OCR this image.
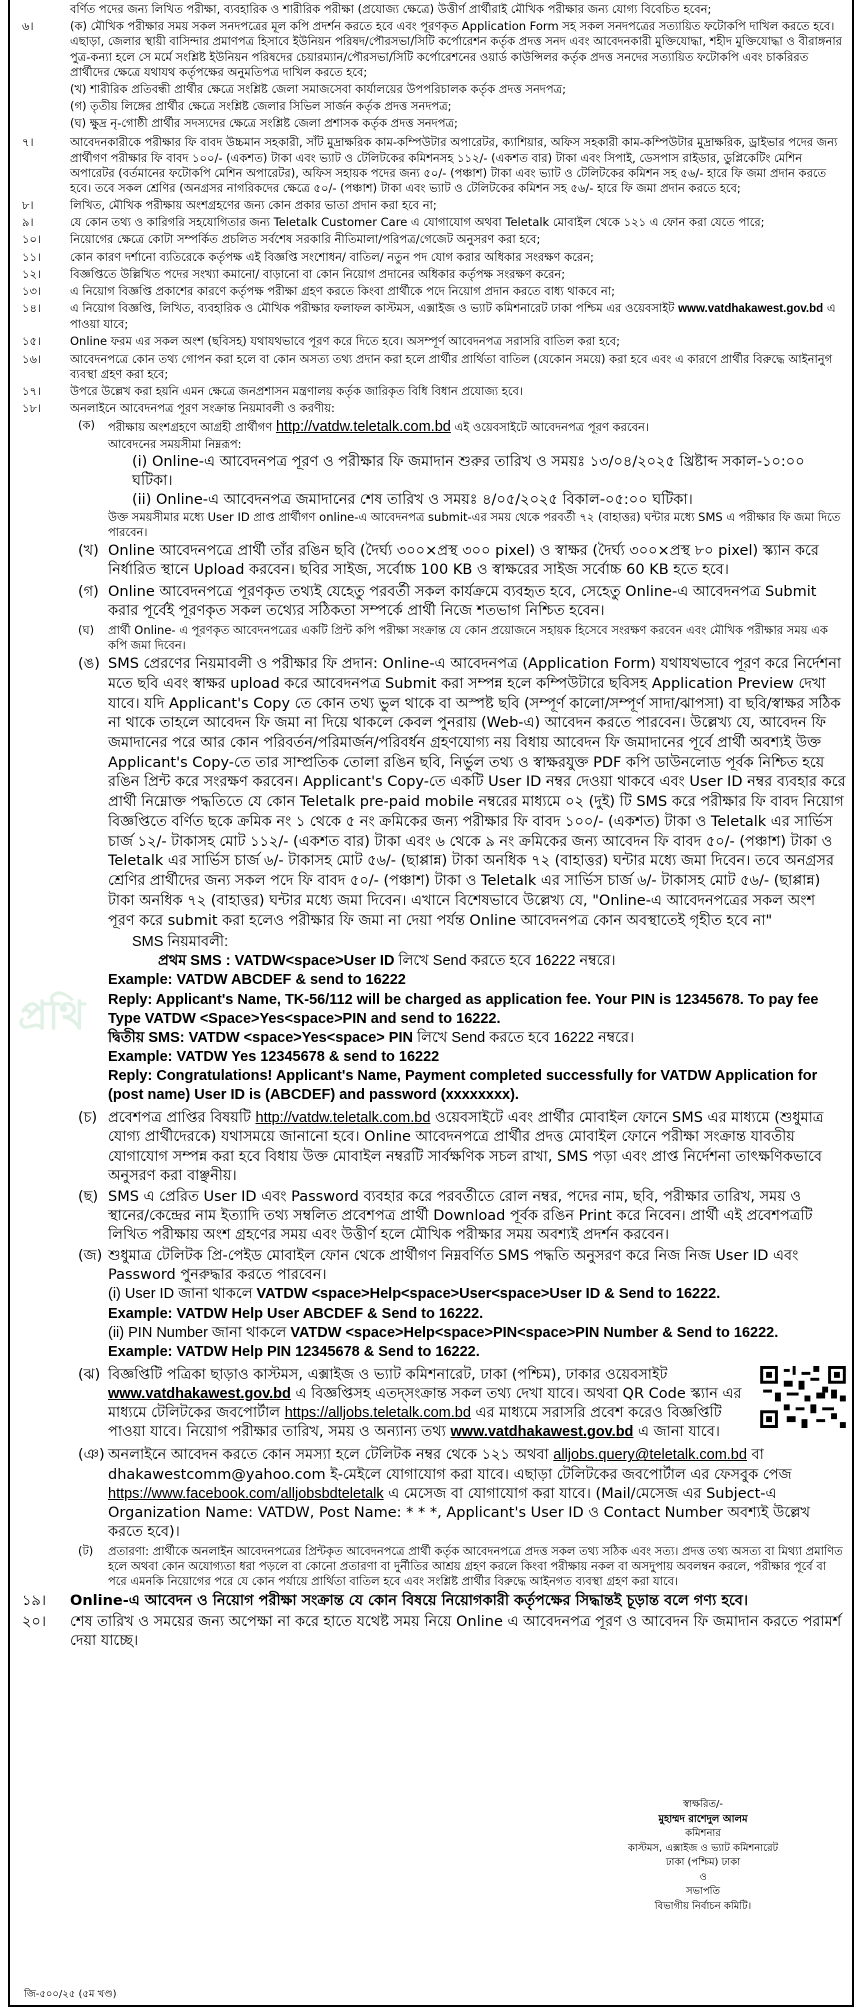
প্রথি
বর্ণিত পদের জন্য লিখিত পরীক্ষা, ব্যবহারিক ও শারীরিক পরীক্ষা (প্রযোজ্য ক্ষেত্রে) উত্তীর্ণ প্রার্থীরাই মৌখিক পরীক্ষার জন্য যোগ্য বিবেচিত হবেন;
৬।	(ক) মৌখিক পরীক্ষার সময় সকল সনদপত্রের মূল কপি প্রদর্শন করতে হবে এবং পূরণকৃত Application Form সহ সকল সনদপত্রের সত্যায়িত ফটোকপি দাখিল করতে হবে। এছাড়া, জেলার স্থায়ী বাসিন্দার প্রমাণপত্র হিসাবে ইউনিয়ন পরিষদ/পৌরসভা/সিটি কর্পোরেশন কর্তৃক প্রদত্ত সনদ এবং আবেদনকারী মুক্তিযোদ্ধা, শহীদ মুক্তিযোদ্ধা ও বীরাঙ্গনার পুত্র-কন্যা হলে সে মর্মে সংশ্লিষ্ট ইউনিয়ন পরিষদের চেয়ারম্যান/পৌরসভা/সিটি কর্পোরেশনের ওয়ার্ড কাউন্সিলর কর্তৃক প্রদত্ত সনদের সত্যায়িত ফটোকপি এবং চাকরিরত প্রার্থীদের ক্ষেত্রে যথাযথ কর্তৃপক্ষের অনুমতিপত্র দাখিল করতে হবে;
(খ) শারীরিক প্রতিবন্ধী প্রার্থীর ক্ষেত্রে সংশ্লিষ্ট জেলা সমাজসেবা কার্যালয়ের উপপরিচালক কর্তৃক প্রদত্ত সনদপত্র;
(গ) তৃতীয় লিঙ্গের প্রার্থীর ক্ষেত্রে সংশ্লিষ্ট জেলার সিভিল সার্জন কর্তৃক প্রদত্ত সনদপত্র;
(ঘ) ক্ষুদ্র নৃ-গোষ্ঠী প্রার্থীর সদস্যদের ক্ষেত্রে সংশ্লিষ্ট জেলা প্রশাসক কর্তৃক প্রদত্ত সনদপত্র;
৭।	আবেদনকারীকে পরীক্ষার ফি বাবদ উচ্চমান সহকারী, সাঁট মুদ্রাক্ষরিক কাম-কম্পিউটার অপারেটর, ক্যাশিয়ার, অফিস সহকারী কাম-কম্পিউটার মুদ্রাক্ষরিক, ড্রাইভার পদের জন্য প্রার্থীগণ পরীক্ষার ফি বাবদ ১০০/- (একশত) টাকা এবং ভ্যাট ও টেলিটকের কমিশনসহ ১১২/- (একশত বার) টাকা এবং সিপাই, ডেসপাস রাইডার, ডুপ্লিকেটিং মেশিন অপারেটর (বর্তমানের ফটোকপি মেশিন অপারেটর), অফিস সহায়ক পদের জন্য ৫০/- (পঞ্চাশ) টাকা এবং ভ্যাট ও টেলিটকের কমিশন সহ ৫৬/- হারে ফি জমা প্রদান করতে হবে। তবে সকল শ্রেণির (অনগ্রসর নাগরিকদের ক্ষেত্রে ৫০/- (পঞ্চাশ) টাকা এবং ভ্যাট ও টেলিটকের কমিশন সহ ৫৬/- হারে ফি জমা প্রদান করতে হবে;
৮।	লিখিত, মৌখিক পরীক্ষায় অংশগ্রহণের জন্য কোন প্রকার ভাতা প্রদান করা হবে না;
৯।	যে কোন তথ্য ও কারিগরি সহযোগিতার জন্য Teletalk Customer Care এ যোগাযোগ অথবা Teletalk মোবাইল থেকে ১২১ এ ফোন করা যেতে পারে;
১০।	নিয়োগের ক্ষেত্রে কোটা সম্পর্কিত প্রচলিত সর্বশেষ সরকারি নীতিমালা/পরিপত্র/গেজেট অনুসরণ করা হবে;
১১।	কোন কারণ দর্শানো ব্যতিরেকে কর্তৃপক্ষ এই বিজ্ঞপ্তি সংশোধন/ বাতিল/ নতুন পদ যোগ করার অধিকার সংরক্ষণ করেন;
১২।	বিজ্ঞপ্তিতে উল্লিখিত পদের সংখ্যা কমানো/ বাড়ানো বা কোন নিয়োগ প্রদানের অধিকার কর্তৃপক্ষ সংরক্ষণ করেন;
১৩।	এ নিয়োগ বিজ্ঞপ্তি প্রকাশের কারণে কর্তৃপক্ষ পরীক্ষা গ্রহণ করতে কিংবা প্রার্থীকে পদে নিয়োগ প্রদান করতে বাধ্য থাকবে না;
১৪।	এ নিয়োগ বিজ্ঞপ্তি, লিখিত, ব্যবহারিক ও মৌখিক পরীক্ষার ফলাফল কাস্টমস, এক্সাইজ ও ভ্যাট কমিশনারেট ঢাকা পশ্চিম এর ওয়েবসাইট www.vatdhakawest.gov.bd এ পাওয়া যাবে;
১৫।	Online ফরম এর সকল অংশ (ছবিসহ) যথাযথভাবে পূরণ করে দিতে হবে। অসম্পূর্ণ আবেদনপত্র সরাসরি বাতিল করা হবে;
১৬।	আবেদনপত্রে কোন তথ্য গোপন করা হলে বা কোন অসত্য তথ্য প্রদান করা হলে প্রার্থীর প্রার্থিতা বাতিল (যেকোন সময়ে) করা হবে এবং এ কারণে প্রার্থীর বিরুদ্ধে আইনানুগ ব্যবস্থা গ্রহণ করা হবে;
১৭।	উপরে উল্লেখ করা হয়নি এমন ক্ষেত্রে জনপ্রশাসন মন্ত্রণালয় কর্তৃক জারিকৃত বিধি বিধান প্রযোজ্য হবে।
১৮।	অনলাইনে আবেদনপত্র পূরণ সংক্রান্ত নিয়মাবলী ও করণীয়:
(ক) পরীক্ষায় অংশগ্রহণে আগ্রহী প্রার্থীগণ http://vatdw.teletalk.com.bd এই ওয়েবসাইটে আবেদনপত্র পূরণ করবেন।
আবেদনের সময়সীমা নিম্নরূপ:
(i) Online-এ আবেদনপত্র পূরণ ও পরীক্ষার ফি জমাদান শুরুর তারিখ ও সময়ঃ ১৩/০৪/২০২৫ খ্রিষ্টাব্দ সকাল-১০:০০ ঘটিকা।
(ii) Online-এ আবেদনপত্র জমাদানের শেষ তারিখ ও সময়ঃ ৪/০৫/২০২৫ বিকাল-০৫:০০ ঘটিকা।
উক্ত সময়সীমার মধ্যে User ID প্রাপ্ত প্রার্থীগণ online-এ আবেদনপত্র submit-এর সময় থেকে পরবর্তী ৭২ (বাহাত্তর) ঘন্টার মধ্যে SMS এ পরীক্ষার ফি জমা দিতে পারবেন।
(খ) Online আবেদনপত্রে প্রার্থী তাঁর রঙিন ছবি (দৈর্ঘ্য ৩০০×প্রস্থ ৩০০ pixel) ও স্বাক্ষর (দৈর্ঘ্য ৩০০×প্রস্থ ৮০ pixel) স্ক্যান করে নির্ধারিত স্থানে Upload করবেন। ছবির সাইজ, সর্বোচ্চ 100 KB ও স্বাক্ষরের সাইজ সর্বোচ্চ 60 KB হতে হবে।
(গ) Online আবেদনপত্রে পূরণকৃত তথ্যই যেহেতু পরবর্তী সকল কার্যক্রমে ব্যবহৃত হবে, সেহেতু Online-এ আবেদনপত্র Submit করার পূর্বেই পূরণকৃত সকল তথ্যের সঠিকতা সম্পর্কে প্রার্থী নিজে শতভাগ নিশ্চিত হবেন।
(ঘ) প্রার্থী Online- এ পূরণকৃত আবেদনপত্রের একটি প্রিন্ট কপি পরীক্ষা সংক্রান্ত যে কোন প্রয়োজনে সহায়ক হিসেবে সংরক্ষণ করবেন এবং মৌখিক পরীক্ষার সময় এক কপি জমা দিবেন।
(ঙ) SMS প্রেরণের নিয়মাবলী ও পরীক্ষার ফি প্রদান: Online-এ আবেদনপত্র (Application Form) যথাযথভাবে পূরণ করে নির্দেশনা মতে ছবি এবং স্বাক্ষর upload করে আবেদনপত্র Submit করা সম্পন্ন হলে কম্পিউটারে ছবিসহ Application Preview দেখা যাবে। যদি Applicant's Copy তে কোন তথ্য ভুল থাকে বা অস্পষ্ট ছবি (সম্পূর্ণ কালো/সম্পূর্ণ সাদা/ঝাপসা) বা ছবি/স্বাক্ষর সঠিক না থাকে তাহলে আবেদন ফি জমা না দিয়ে থাকলে কেবল পুনরায় (Web-এ) আবেদন করতে পারবেন। উল্লেখ্য যে, আবেদন ফি জমাদানের পরে আর কোন পরিবর্তন/পরিমার্জন/পরিবর্ধন গ্রহণযোগ্য নয় বিধায় আবেদন ফি জমাদানের পূর্বে প্রার্থী অবশ্যই উক্ত Applicant's Copy-তে তার সাম্প্রতিক তোলা রঙিন ছবি, নির্ভুল তথ্য ও স্বাক্ষরযুক্ত PDF কপি ডাউনলোড পূর্বক নিশ্চিত হয়ে রঙিন প্রিন্ট করে সংরক্ষণ করবেন। Applicant's Copy-তে একটি User ID নম্বর দেওয়া থাকবে এবং User ID নম্বর ব্যবহার করে প্রার্থী নিম্নোক্ত পদ্ধতিতে যে কোন Teletalk pre-paid mobile নম্বরের মাধ্যমে ০২ (দুই) টি SMS করে পরীক্ষার ফি বাবদ নিয়োগ বিজ্ঞপ্তিতে বর্ণিত ছকে ক্রমিক নং ১ থেকে ৫ নং ক্রমিকের জন্য পরীক্ষার ফি বাবদ ১০০/- (একশত) টাকা ও Teletalk এর সার্ভিস চার্জ ১২/- টাকাসহ মোট ১১২/- (একশত বার) টাকা এবং ৬ থেকে ৯ নং ক্রমিকের জন্য আবেদন ফি বাবদ ৫০/- (পঞ্চাশ) টাকা ও Teletalk এর সার্ভিস চার্জ ৬/- টাকাসহ মোট ৫৬/- (ছাপ্পান্ন) টাকা অনধিক ৭২ (বাহাত্তর) ঘন্টার মধ্যে জমা দিবেন। তবে অনগ্রসর শ্রেণির প্রার্থীদের জন্য সকল পদে ফি বাবদ ৫০/- (পঞ্চাশ) টাকা ও Teletalk এর সার্ভিস চার্জ ৬/- টাকাসহ মোট ৫৬/- (ছাপ্পান্ন) টাকা অনধিক ৭২ (বাহাত্তর) ঘন্টার মধ্যে জমা দিবেন। এখানে বিশেষভাবে উল্লেখ্য যে, "Online-এ আবেদনপত্রের সকল অংশ পূরণ করে submit করা হলেও পরীক্ষার ফি জমা না দেয়া পর্যন্ত Online আবেদনপত্র কোন অবস্থাতেই গৃহীত হবে না"
SMS নিয়মাবলী:
প্রথম SMS : VATDW<space>User ID লিখে Send করতে হবে 16222 নম্বরে।
Example: VATDW ABCDEF & send to 16222
Reply: Applicant's Name, TK-56/112 will be charged as application fee. Your PIN is 12345678. To pay fee Type VATDW <Space>Yes<space>PIN and send to 16222.
দ্বিতীয় SMS: VATDW <space>Yes<space> PIN লিখে Send করতে হবে 16222 নম্বরে।
Example: VATDW Yes 12345678 & send to 16222
Reply: Congratulations! Applicant's Name, Payment completed successfully for VATDW Application for (post name) User ID is (ABCDEF) and password (xxxxxxxx).
(চ) প্রবেশপত্র প্রাপ্তির বিষয়টি http://vatdw.teletalk.com.bd ওয়েবসাইটে এবং প্রার্থীর মোবাইল ফোনে SMS এর মাধ্যমে (শুধুমাত্র যোগ্য প্রার্থীদেরকে) যথাসময়ে জানানো হবে। Online আবেদনপত্রে প্রার্থীর প্রদত্ত মোবাইল ফোনে পরীক্ষা সংক্রান্ত যাবতীয় যোগাযোগ সম্পন্ন করা হবে বিধায় উক্ত মোবাইল নম্বরটি সার্বক্ষণিক সচল রাখা, SMS পড়া এবং প্রাপ্ত নির্দেশনা তাৎক্ষণিকভাবে অনুসরণ করা বাঞ্ছনীয়।
(ছ) SMS এ প্রেরিত User ID এবং Password ব্যবহার করে পরবর্তীতে রোল নম্বর, পদের নাম, ছবি, পরীক্ষার তারিখ, সময় ও স্থানের/কেন্দ্রের নাম ইত্যাদি তথ্য সম্বলিত প্রবেশপত্র প্রার্থী Download পূর্বক রঙিন Print করে নিবেন। প্রার্থী এই প্রবেশপত্রটি লিখিত পরীক্ষায় অংশ গ্রহণের সময় এবং উত্তীর্ণ হলে মৌখিক পরীক্ষার সময় অবশ্যই প্রদর্শন করবেন।
(জ) শুধুমাত্র টেলিটক প্রি-পেইড মোবাইল ফোন থেকে প্রার্থীগণ নিম্নবর্ণিত SMS পদ্ধতি অনুসরণ করে নিজ নিজ User ID এবং Password পুনরুদ্ধার করতে পারবেন।
(i) User ID জানা থাকলে VATDW <space>Help<space>User<space>User ID & Send to 16222.
Example: VATDW Help User ABCDEF & Send to 16222.
(ii) PIN Number জানা থাকলে VATDW <space>Help<space>PIN<space>PIN Number & Send to 16222.
Example: VATDW Help PIN 12345678 & Send to 16222.
(ঝ) বিজ্ঞপ্তিটি পত্রিকা ছাড়াও কাস্টমস, এক্সাইজ ও ভ্যাট কমিশনারেট, ঢাকা (পশ্চিম), ঢাকার ওয়েবসাইট www.vatdhakawest.gov.bd এ বিজ্ঞপ্তিসহ এতদ্সংক্রান্ত সকল তথ্য দেখা যাবে। অথবা QR Code স্ক্যান এর মাধ্যমে টেলিটকের জবপোর্টাল https://alljobs.teletalk.com.bd এর মাধ্যমে সরাসরি প্রবেশ করেও বিজ্ঞপ্তিটি পাওয়া যাবে। নিয়োগ পরীক্ষার তারিখ, সময় ও অন্যান্য তথ্য www.vatdhakawest.gov.bd এ জানা যাবে।
(ঞ) অনলাইনে আবেদন করতে কোন সমস্যা হলে টেলিটক নম্বর থেকে ১২১ অথবা alljobs.query@teletalk.com.bd বা dhakawestcomm@yahoo.com ই-মেইলে যোগাযোগ করা যাবে। এছাড়া টেলিটকের জবপোর্টাল এর ফেসবুক পেজ https://www.facebook.com/alljobsbdteletalk এ মেসেজ বা যোগাযোগ করা যাবে। (Mail/মেসেজ এর Subject-এ Organization Name: VATDW, Post Name: * * *, Applicant's User ID ও Contact Number অবশ্যই উল্লেখ করতে হবে)।
(ট) প্রতারণা: প্রার্থীকে অনলাইন আবেদনপত্রের প্রিন্টকৃত আবেদনপত্রে প্রার্থী কর্তৃক আবেদনপত্রে প্রদত্ত সকল তথ্য সঠিক এবং সত্য। প্রদত্ত তথ্য অসত্য বা মিথ্যা প্রমাণিত হলে অথবা কোন অযোগ্যতা ধরা পড়লে বা কোনো প্রতারণা বা দুর্নীতির আশ্রয় গ্রহণ করলে কিংবা পরীক্ষায় নকল বা অসদুপায় অবলম্বন করলে, পরীক্ষার পূর্বে বা পরে এমনকি নিয়োগের পরে যে কোন পর্যায়ে প্রার্থিতা বাতিল হবে এবং সংশ্লিষ্ট প্রার্থীর বিরুদ্ধে আইনগত ব্যবস্থা গ্রহণ করা যাবে।
১৯।	Online-এ আবেদন ও নিয়োগ পরীক্ষা সংক্রান্ত যে কোন বিষয়ে নিয়োগকারী কর্তৃপক্ষের সিদ্ধান্তই চূড়ান্ত বলে গণ্য হবে।
২০।	শেষ তারিখ ও সময়ের জন্য অপেক্ষা না করে হাতে যথেষ্ট সময় নিয়ে Online এ আবেদনপত্র পূরণ ও আবেদন ফি জমাদান করতে পরামর্শ দেয়া যাচ্ছে।
স্বাক্ষরিত/-
মুহাম্মদ রাশেদুল আলম
কমিশনার
কাস্টমস, এক্সাইজ ও ভ্যাট কমিশনারেট
ঢাকা (পশ্চিম) ঢাকা
ও
সভাপতি
বিভাগীয় নির্বাচন কমিটি।
জি-৫০০/২৫ (৫ম খণ্ড)
